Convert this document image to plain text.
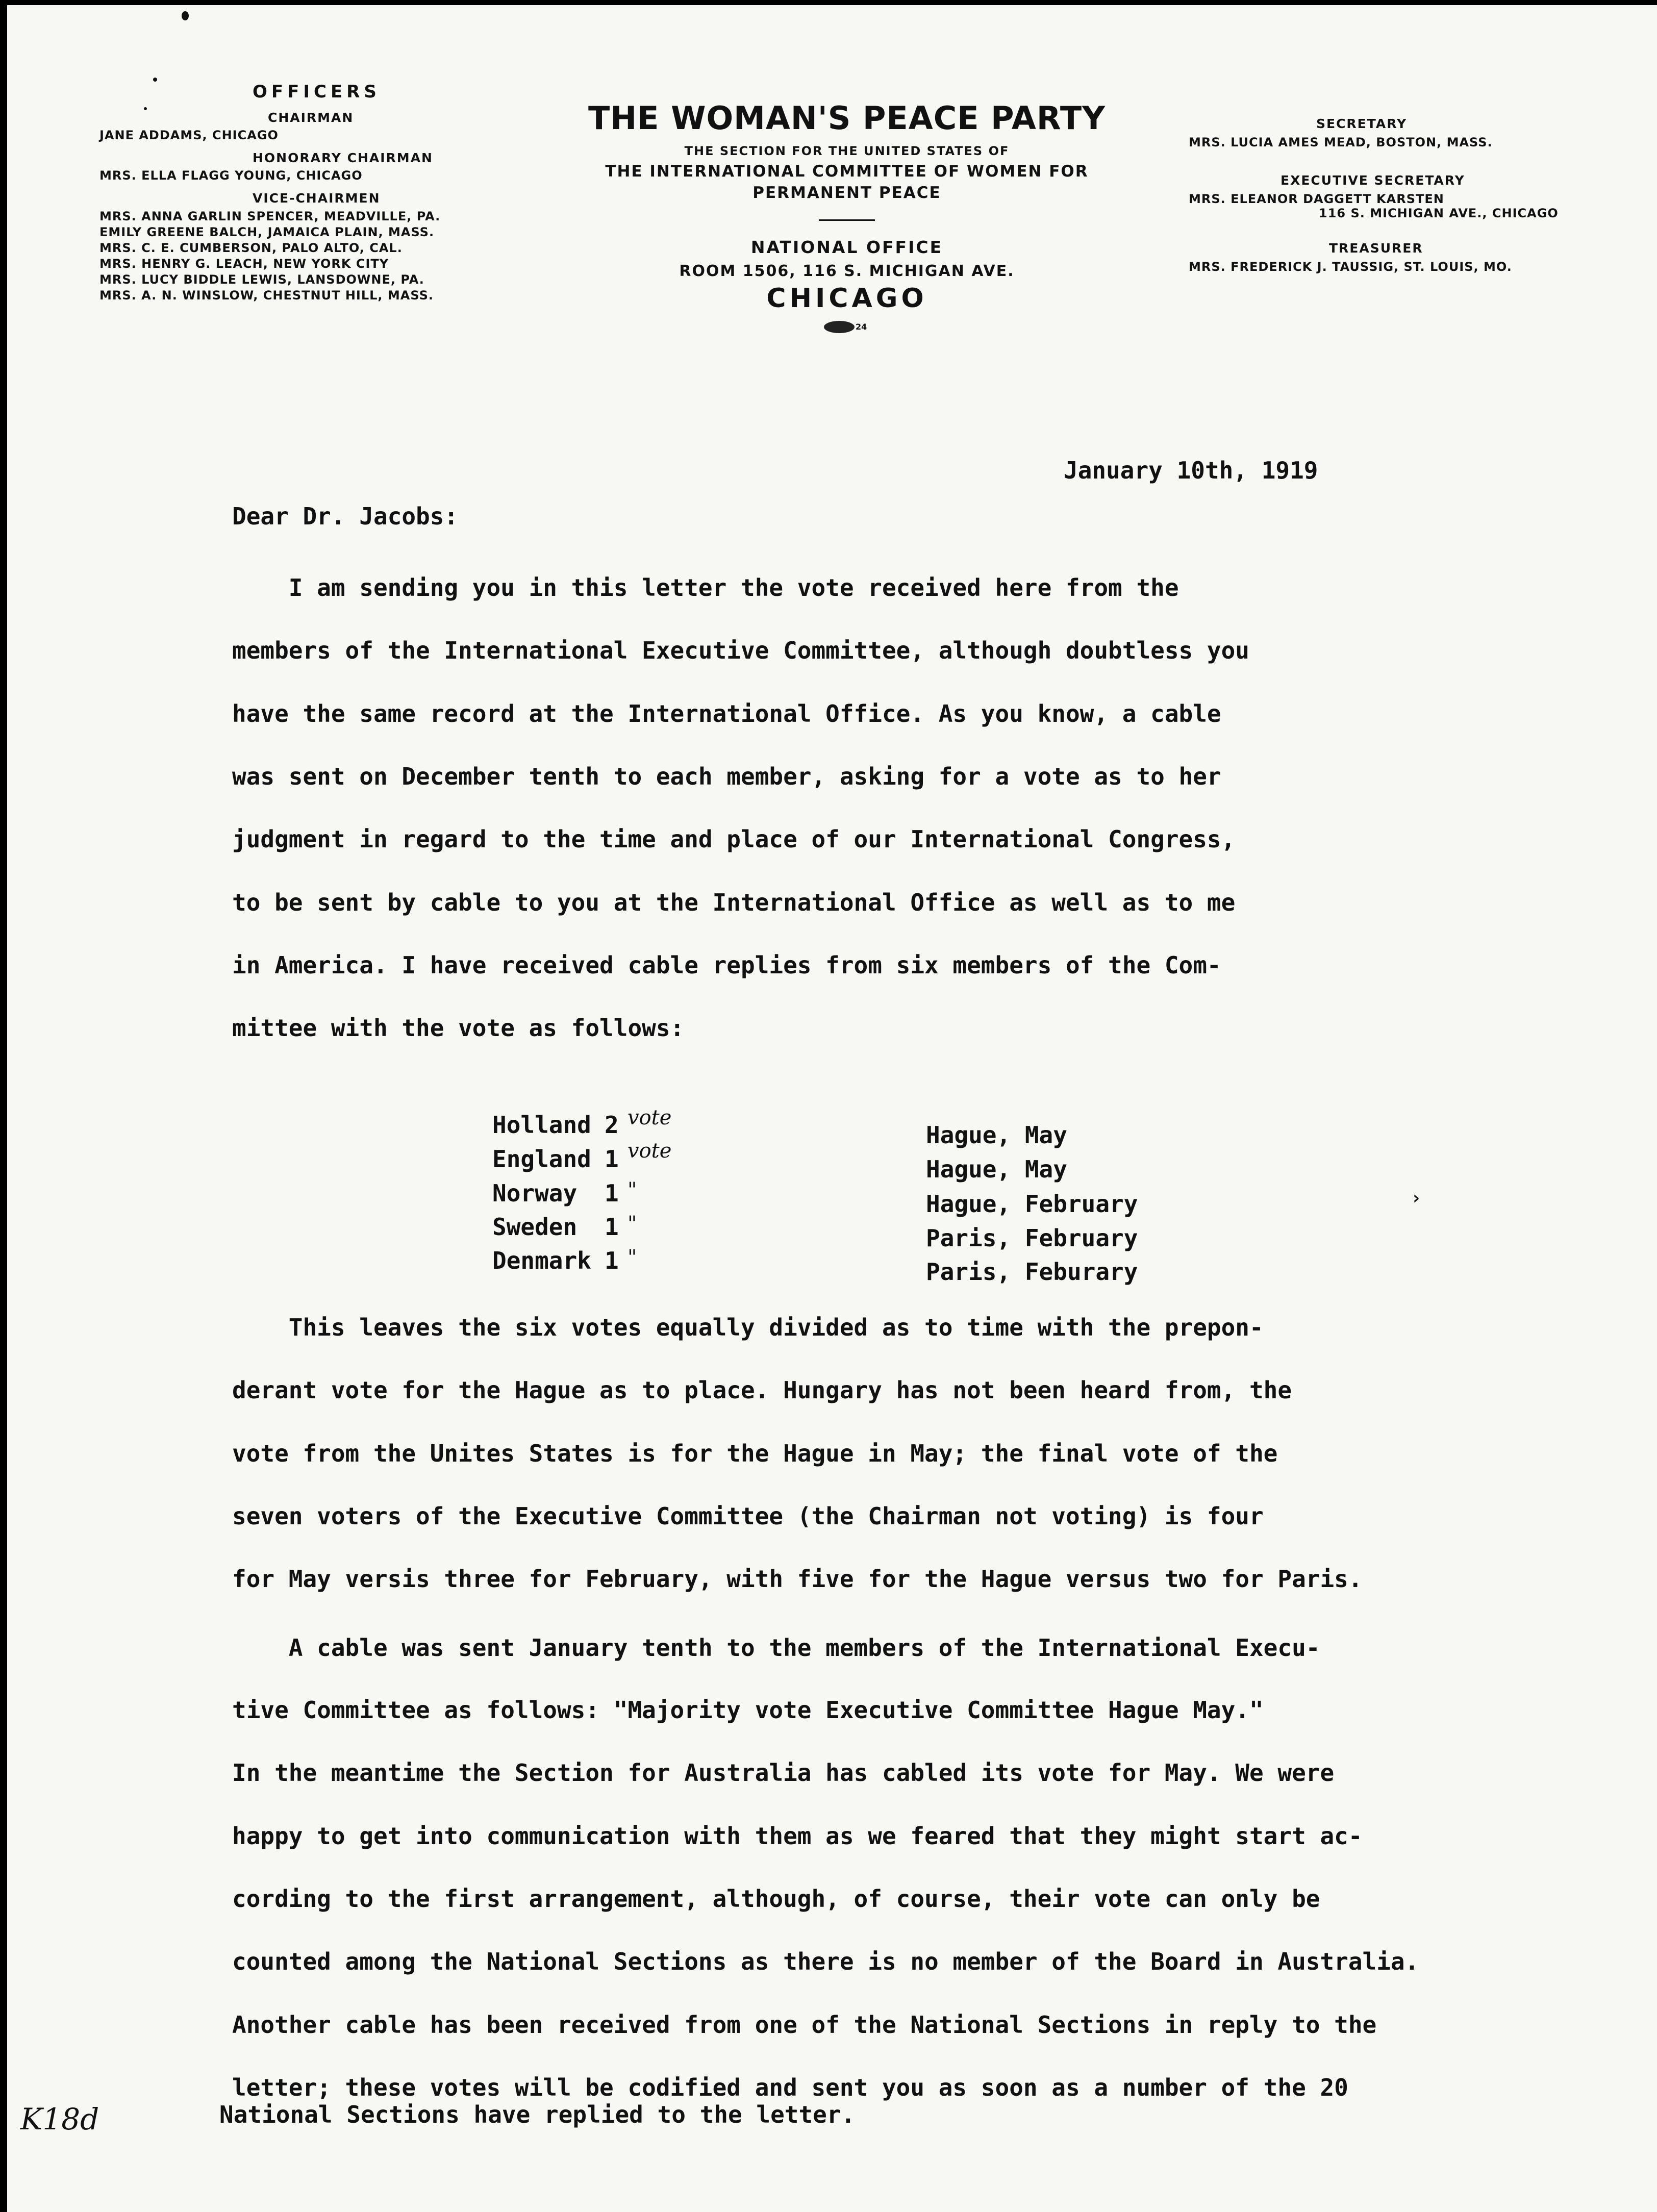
OFFICERS
CHAIRMAN
JANE ADDAMS, CHICAGO
HONORARY CHAIRMAN
MRS. ELLA FLAGG YOUNG, CHICAGO
VICE-CHAIRMEN
MRS. ANNA GARLIN SPENCER, MEADVILLE, PA.
EMILY GREENE BALCH, JAMAICA PLAIN, MASS.
MRS. C. E. CUMBERSON, PALO ALTO, CAL.
MRS. HENRY G. LEACH, NEW YORK CITY
MRS. LUCY BIDDLE LEWIS, LANSDOWNE, PA.
MRS. A. N. WINSLOW, CHESTNUT HILL, MASS.
THE WOMAN'S PEACE PARTY
THE SECTION FOR THE UNITED STATES OF
THE INTERNATIONAL COMMITTEE OF WOMEN FOR
PERMANENT PEACE
NATIONAL OFFICE
ROOM 1506, 116 S. MICHIGAN AVE.
CHICAGO
24
SECRETARY
MRS. LUCIA AMES MEAD, BOSTON, MASS.
EXECUTIVE SECRETARY
MRS. ELEANOR DAGGETT KARSTEN
116 S. MICHIGAN AVE., CHICAGO
TREASURER
MRS. FREDERICK J. TAUSSIG, ST. LOUIS, MO.
January 10th, 1919
Dear Dr. Jacobs:
I am sending you in this letter the vote received here from the
members of the International Executive Committee, although doubtless you
have the same record at the International Office. As you know, a cable
was sent on December tenth to each member, asking for a vote as to her
judgment in regard to the time and place of our International Congress,
to be sent by cable to you at the International Office as well as to me
in America. I have received cable replies from six members of the Com-
mittee with the vote as follows:
Holland 2 vote
Hague, May
England 1 vote
Hague, May
Norway 1 "	Hague, February
Sweden 1 "
Paris, February
Denmark 1 "
Paris, Feburary
›
This leaves the six votes equally divided as to time with the prepon-
derant vote for the Hague as to place. Hungary has not been heard from, the
vote from the Unites States is for the Hague in May; the final vote of the
seven voters of the Executive Committee (the Chairman not voting) is four
for May versis three for February, with five for the Hague versus two for Paris.
A cable was sent January tenth to the members of the International Execu-
tive Committee as follows: "Majority vote Executive Committee Hague May."
In the meantime the Section for Australia has cabled its vote for May. We were
happy to get into communication with them as we feared that they might start ac-
cording to the first arrangement, although, of course, their vote can only be
counted among the National Sections as there is no member of the Board in Australia.
Another cable has been received from one of the National Sections in reply to the
letter; these votes will be codified and sent you as soon as a number of the 20
National Sections have replied to the letter.
K18d
